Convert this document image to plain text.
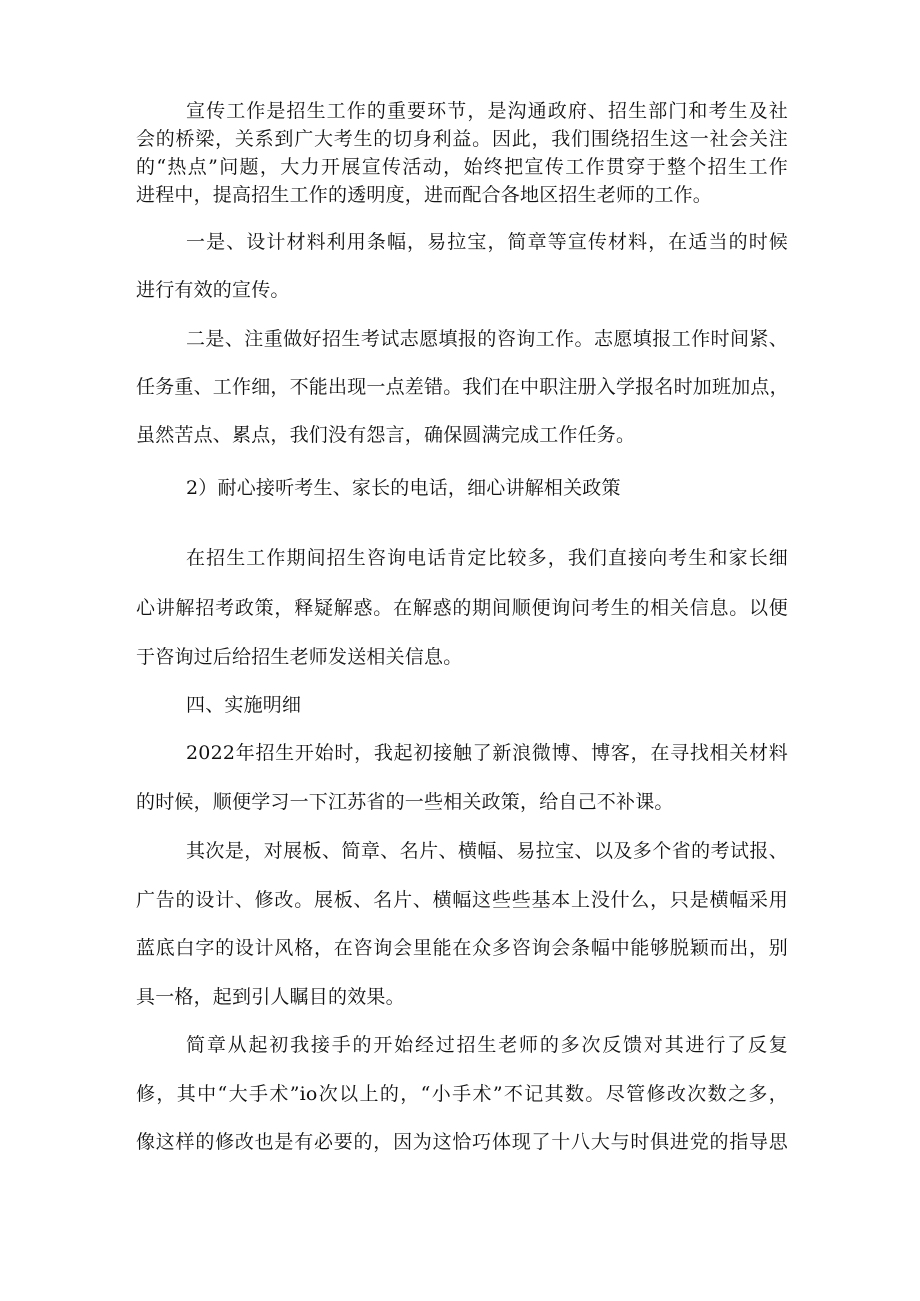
宣传工作是招生工作的重要环节，是沟通政府、招生部门和考生及社
会的桥梁，关系到广大考生的切身利益。因此，我们围绕招生这一社会关注
的“热点”问题，大力开展宣传活动，始终把宣传工作贯穿于整个招生工作
进程中，提高招生工作的透明度，进而配合各地区招生老师的工作。
一是、设计材料利用条幅，易拉宝，简章等宣传材料，在适当的时候
进行有效的宣传。
二是、注重做好招生考试志愿填报的咨询工作。志愿填报工作时间紧、
任务重、工作细，不能出现一点差错。我们在中职注册入学报名时加班加点，
虽然苦点、累点，我们没有怨言，确保圆满完成工作任务。
2）耐心接听考生、家长的电话，细心讲解相关政策
在招生工作期间招生咨询电话肯定比较多，我们直接向考生和家长细
心讲解招考政策，释疑解惑。在解惑的期间顺便询问考生的相关信息。以便
于咨询过后给招生老师发送相关信息。
四、实施明细
2022年招生开始时，我起初接触了新浪微博、博客，在寻找相关材料
的时候，顺便学习一下江苏省的一些相关政策，给自己不补课。
其次是，对展板、简章、名片、横幅、易拉宝、以及多个省的考试报、
广告的设计、修改。展板、名片、横幅这些些基本上没什么，只是横幅采用
蓝底白字的设计风格，在咨询会里能在众多咨询会条幅中能够脱颖而出，别
具一格，起到引人瞩目的效果。
简章从起初我接手的开始经过招生老师的多次反馈对其进行了反复
修，其中“大手术”io次以上的，“小手术”不记其数。尽管修改次数之多，
像这样的修改也是有必要的，因为这恰巧体现了十八大与时俱进党的指导思
